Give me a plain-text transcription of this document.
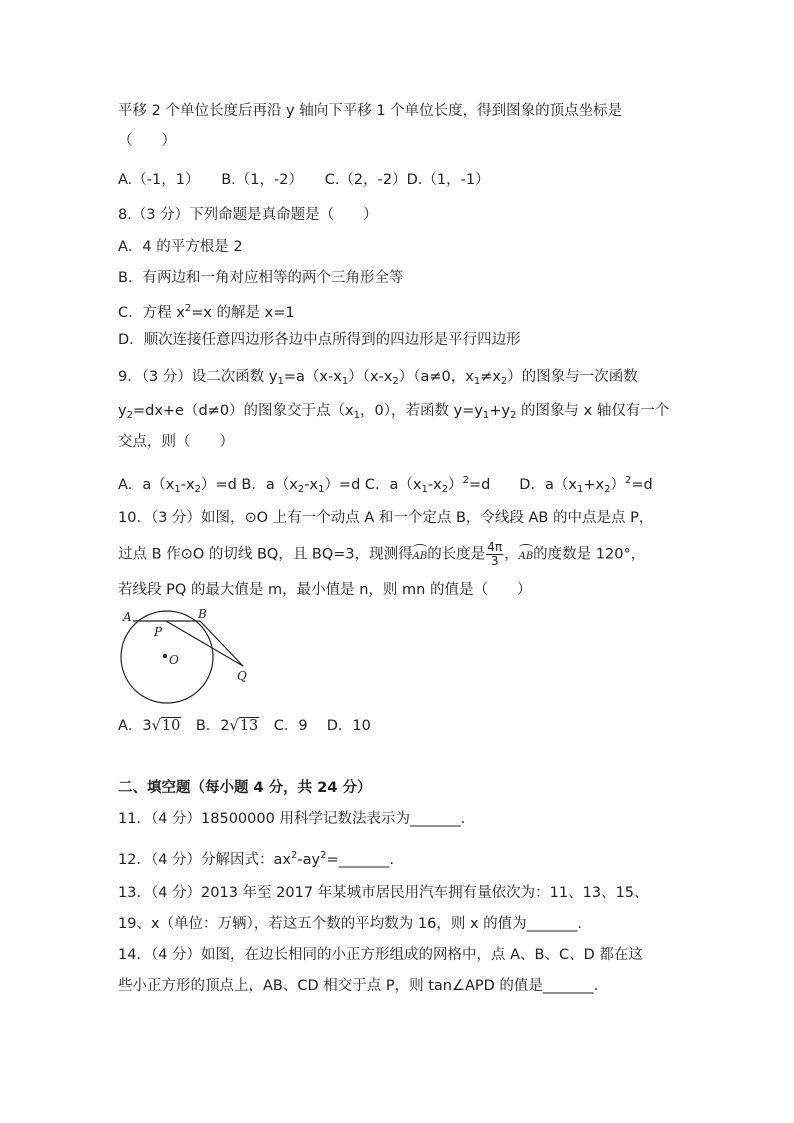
平移 2 个单位长度后再沿 y 轴向下平移 1 个单位长度，得到图象的顶点坐标是
（　　）
A.（-1，1）　　B.（1，-2）　　C.（2，-2）D.（1，-1）
8.（3 分）下列命题是真命题是（　　）
A．4 的平方根是 2
B．有两边和一角对应相等的两个三角形全等
C．方程 $x^2=x$ 的解是 x=1
D．顺次连接任意四边形各边中点所得到的四边形是平行四边形
9．（3 分）设二次函数 $y_1=a(x-x_1)(x-x_2)(a\ne 0$，$x_1\ne x_2$）的图象与一次函数
$y_2=dx+e(d\ne 0)$的图象交于点（$x_1$，0），若函数 $y=y_1+y_2$ 的图象与 x 轴仅有一个
交点，则（　　）
A．$a(x_1-x_2)=d$ B．$a(x_2-x_1)=d$ C．$a(x_1-x_2)^2=d$　　D．$a(x_1+x_2)^2=d$
10．（3 分）如图，⊙O 上有一个动点 A 和一个定点 B，令线段 AB 的中点是点 P，
过点 B 作⊙O 的切线 BQ，且 BQ=3，现测得AB的长度是 $\frac{4\pi}{3}$ ，AB的度数是 120°，
若线段 PQ 的最大值是 m，最小值是 n，则 mn 的值是（　　）
A	B
P
O
Q
A．3√10　B．2√13　C．9　 D．10
二、填空题（每小题 4 分，共 24 分）
11．（4 分）18500000 用科学记数法表示为_______.
12．（4 分）分解因式：$ax^2-ay^2=\_\_\_\_\_\_\_$.
13．（4 分）2013 年至 2017 年某城市居民用汽车拥有量依次为：11、13、15、
19、x（单位：万辆），若这五个数的平均数为 16，则 x 的值为_______.
14．（4 分）如图，在边长相同的小正方形组成的网格中，点 A、B、C、D 都在这
些小正方形的顶点上，AB、CD 相交于点 P，则 tan∠APD 的值是_______.
